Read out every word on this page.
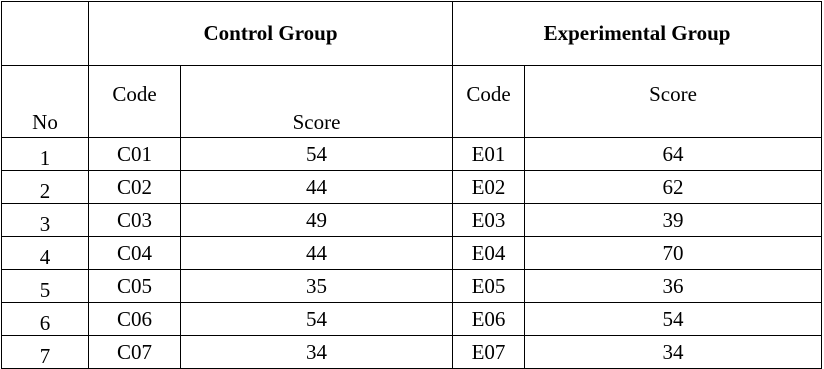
	Control Group		Experimental Group	
No	Code	Score	Code	Score
1	C01	54	E01	64
2	C02	44	E02	62
3	C03	49	E03	39
4	C04	44	E04	70
5	C05	35	E05	36
6	C06	54	E06	54
7	C07	34	E07	34
